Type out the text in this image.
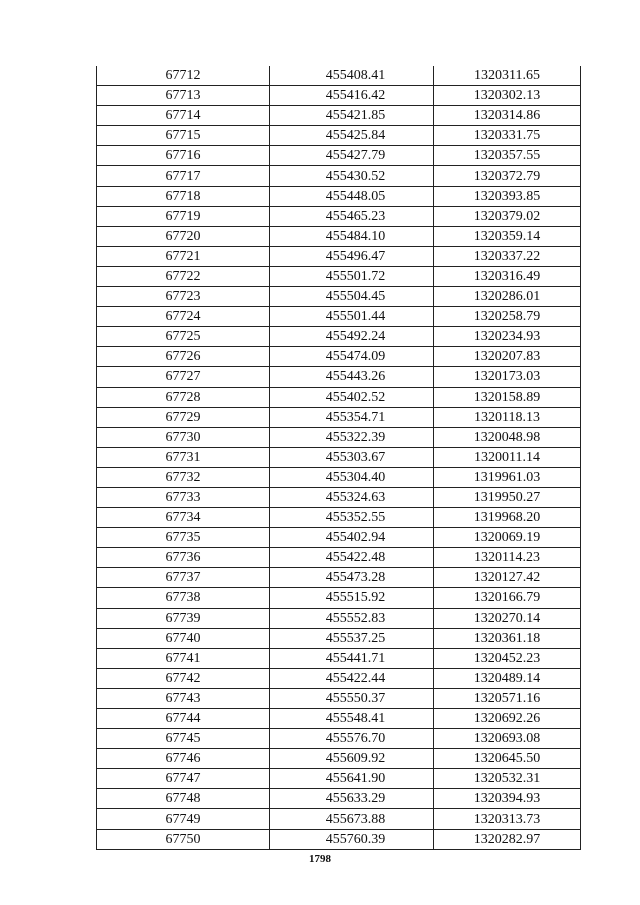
67712	455408.41	1320311.65
67713	455416.42	1320302.13
67714	455421.85	1320314.86
67715	455425.84	1320331.75
67716	455427.79	1320357.55
67717	455430.52	1320372.79
67718	455448.05	1320393.85
67719	455465.23	1320379.02
67720	455484.10	1320359.14
67721	455496.47	1320337.22
67722	455501.72	1320316.49
67723	455504.45	1320286.01
67724	455501.44	1320258.79
67725	455492.24	1320234.93
67726	455474.09	1320207.83
67727	455443.26	1320173.03
67728	455402.52	1320158.89
67729	455354.71	1320118.13
67730	455322.39	1320048.98
67731	455303.67	1320011.14
67732	455304.40	1319961.03
67733	455324.63	1319950.27
67734	455352.55	1319968.20
67735	455402.94	1320069.19
67736	455422.48	1320114.23
67737	455473.28	1320127.42
67738	455515.92	1320166.79
67739	455552.83	1320270.14
67740	455537.25	1320361.18
67741	455441.71	1320452.23
67742	455422.44	1320489.14
67743	455550.37	1320571.16
67744	455548.41	1320692.26
67745	455576.70	1320693.08
67746	455609.92	1320645.50
67747	455641.90	1320532.31
67748	455633.29	1320394.93
67749	455673.88	1320313.73
67750	455760.39	1320282.97
1798
